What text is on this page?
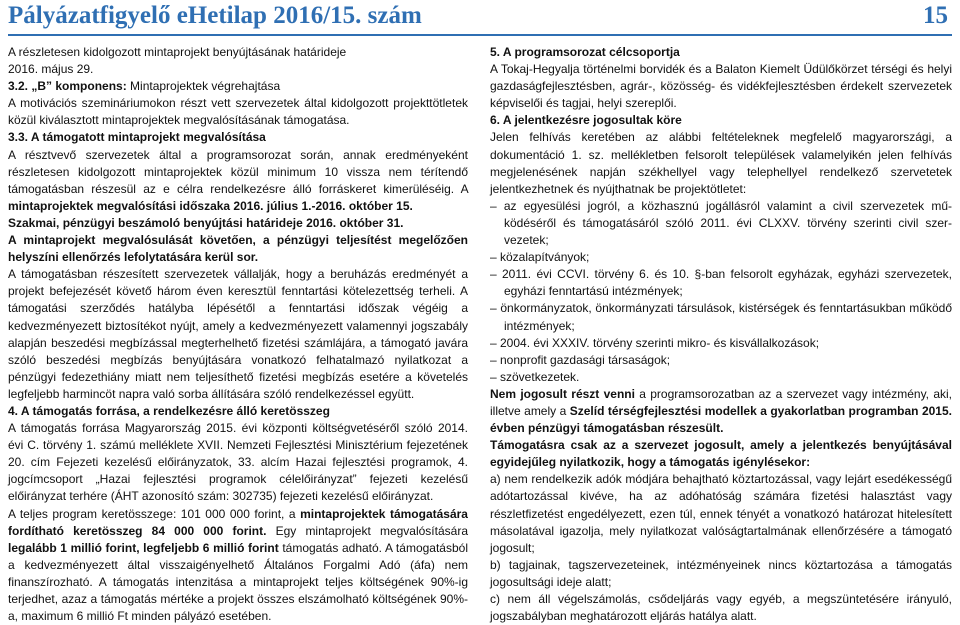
Pályázatfigyelő eHetilap 2016/15. szám	15

A részletesen kidolgozott mintaprojekt benyújtásának határideje

2016. május 29.

3.2. „B” komponens: Mintaprojektek végrehajtása

A motivációs szemináriumokon részt vett szervezetek által kidolgozott projekttötletek közül kiválasztott mintaprojektek megvalósításának támogatása.

3.3. A támogatott mintaprojekt megvalósítása
A résztvevő szervezetek által a programsorozat során, annak eredményeként részletesen kidolgozott mintaprojektek közül minimum 10 vissza nem térítendő támogatásban részesül az e célra rendelkezésre álló forráskeret kimerüléséig. A mintaprojektek megvalósítási időszaka 2016. július 1.-2016. október 15.

Szakmai, pénzügyi beszámoló benyújtási határideje 2016. október 31.

A mintaprojekt megvalósulását követően, a pénzügyi teljesítést megelőzően helyszíni ellenőrzés lefolytatására kerül sor.

A támogatásban részesített szervezetek vállalják, hogy a beruházás eredményét a projekt befejezését követő három éven keresztül fenntartási kötelezettség terheli. A támogatási szerződés hatályba lépésétől a fenntartási időszak végéig a kedvezményezett biztosítékot nyújt, amely a kedvezményezett valamennyi jogszabály alapján beszedési megbízással megterhelhető fizetési számlájára, a támogató javára szóló beszedési megbízás benyújtására vonatkozó felhatalmazó nyilatkozat a pénzügyi fedezethiány miatt nem teljesíthető fizetési megbízás esetére a követelés legfeljebb harmincöt napra való sorba állítására szóló rendelkezéssel együtt.

4. A támogatás forrása, a rendelkezésre álló keretösszeg

A támogatás forrása Magyarország 2015. évi központi költségvetéséről szóló 2014. évi C. törvény 1. számú melléklete XVII. Nemzeti Fejlesztési Minisztérium fejezetének 20. cím Fejezeti kezelésű előirányzatok, 33. alcím Hazai fejlesztési programok, 4. jogcímcsoport „Hazai fejlesztési programok célelőirányzat” fejezeti kezelésű előirányzat terhére (ÁHT azonosító szám: 302735) fejezeti kezelésű előirányzat.

A teljes program keretösszege: 101 000 000 forint, a mintaprojektek támogatására fordítható keretösszeg 84 000 000 forint. Egy mintaprojekt megvalósítására legalább 1 millió forint, legfeljebb 6 millió forint támogatás adható. A támogatásból a kedvezményezett által visszaigényelhető Általános Forgalmi Adó (áfa) nem finanszírozható. A támogatás intenzitása a mintaprojekt teljes költségének 90%-ig terjedhet, azaz a támogatás mértéke a projekt összes elszámolható költségének 90%-a, maximum 6 millió Ft minden pályázó esetében.

5. A programsorozat célcsoportja

A Tokaj-Hegyalja történelmi borvidék és a Balaton Kiemelt Üdülőkörzet térségi és helyi gazdaságfejlesztésben, agrár-, közösség- és vidékfejlesztésben érdekelt szervezetek képviselői és tagjai, helyi szereplői.

6. A jelentkezésre jogosultak köre

Jelen felhívás keretében az alábbi feltételeknek megfelelő magyarországi, a dokumentáció 1. sz. mellékletben felsorolt települések valamelyikén jelen felhívás megjelenésének napján székhellyel vagy telephellyel rendelkező szervetetek jelentkezhetnek és nyújthatnak be projektötletet:

– az egyesülési jogról, a közhasznú jogállásról valamint a civil szervezetek működéséről és támogatásáról szóló 2011. évi CLXXV. törvény szerinti civil szervezetek;

– közalapítványok;

– 2011. évi CCVI. törvény 6. és 10. §-ban felsorolt egyházak, egyházi szervezetek, egyházi fenntartású intézmények;

– önkormányzatok, önkormányzati társulások, kistérségek és fenntartásukban működő intézmények;

– 2004. évi XXXIV. törvény szerinti mikro- és kisvállalkozások;

– nonprofit gazdasági társaságok;

– szövetkezetek.

Nem jogosult részt venni a programsorozatban az a szervezet vagy intézmény, aki, illetve amely a Szelíd térségfejlesztési modellek a gyakorlatban programban 2015. évben pénzügyi támogatásban részesült.

Támogatásra csak az a szervezet jogosult, amely a jelentkezés benyújtásával egyidejűleg nyilatkozik, hogy a támogatás igénylésekor:

a) nem rendelkezik adók módjára behajtható köztartozással, vagy lejárt esedékességű adótartozással kivéve, ha az adóhatóság számára fizetési halasztást vagy részletfizetést engedélyezett, ezen túl, ennek tényét a vonatkozó határozat hitelesített másolatával igazolja, mely nyilatkozat valóságtartalmának ellenőrzésére a támogató jogosult;

b) tagjainak, tagszervezeteinek, intézményeinek nincs köztartozása a támogatás jogosultsági ideje alatt;

c) nem áll végelszámolás, csődeljárás vagy egyéb, a megszüntetésére irányuló, jogszabályban meghatározott eljárás hatálya alatt.
